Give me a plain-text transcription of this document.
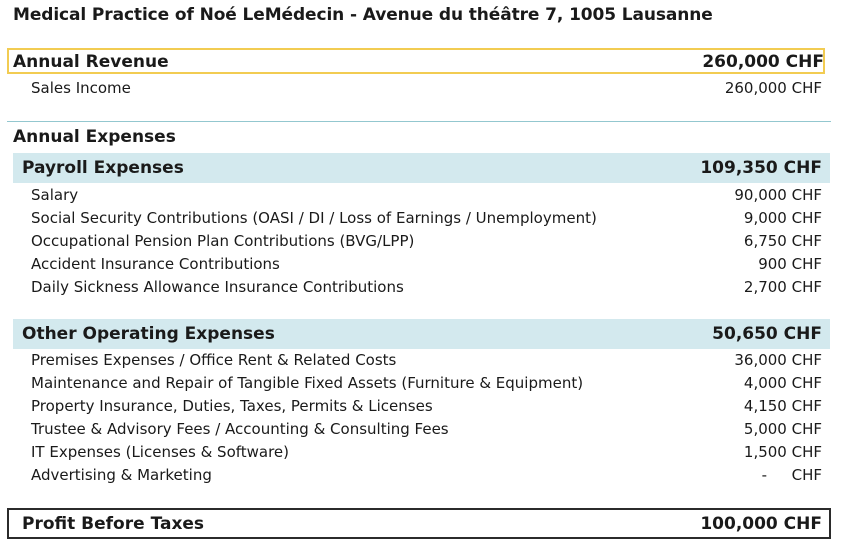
Medical Practice of Noé LeMédecin - Avenue du théâtre 7, 1005 Lausanne
Annual Revenue	260,000 CHF
Sales Income	260,000 CHF
Annual Expenses
Payroll Expenses	109,350 CHF
Salary	90,000 CHF
Social Security Contributions (OASI / DI / Loss of Earnings / Unemployment)	9,000 CHF
Occupational Pension Plan Contributions (BVG/LPP)	6,750 CHF
Accident Insurance Contributions	900 CHF
Daily Sickness Allowance Insurance Contributions	2,700 CHF
Other Operating Expenses	50,650 CHF
Premises Expenses / Office Rent & Related Costs	36,000 CHF
Maintenance and Repair of Tangible Fixed Assets (Furniture & Equipment)	4,000 CHF
Property Insurance, Duties, Taxes, Permits & Licenses	4,150 CHF
Trustee & Advisory Fees / Accounting & Consulting Fees	5,000 CHF
IT Expenses (Licenses & Software)	1,500 CHF
Advertising & Marketing	- CHF
Profit Before Taxes	100,000 CHF
